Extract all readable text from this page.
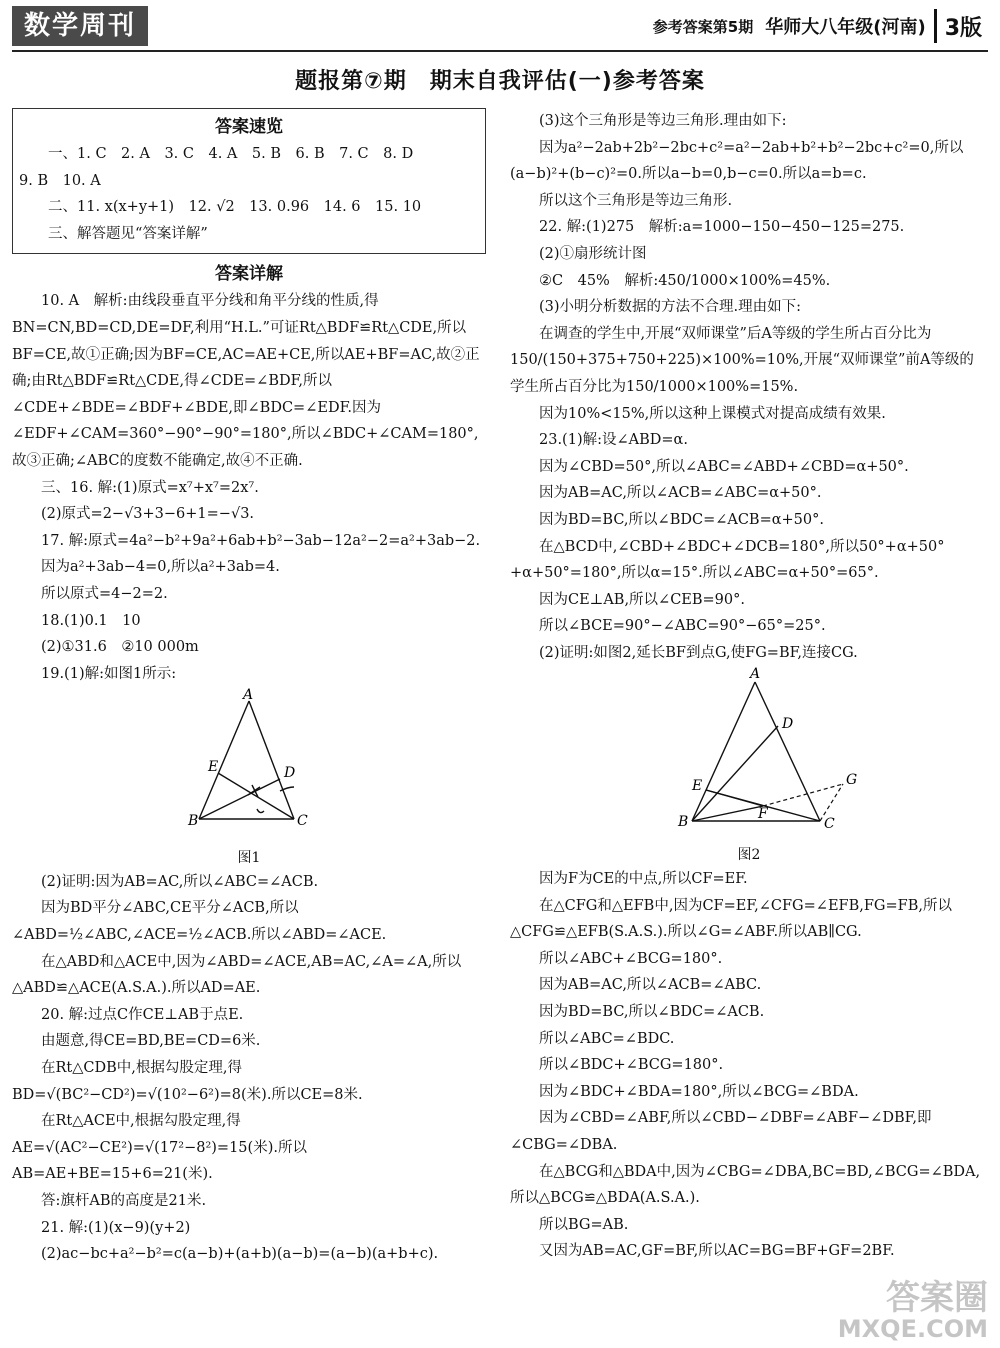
数学周刊	参考答案第5期 华师大八年级(河南) 3版
题报第⑦期　期末自我评估(一)参考答案
答案速览
一、1. C　2. A　3. C　4. A　5. B　6. B　7. C　8. D
9. B　10. A
二、11. x(x+y+1)　12. √2　13. 0.96　14. 6　15. 10
三、解答题见“答案详解”
答案详解
10. A　解析:由线段垂直平分线和角平分线的性质,得BN=CN,BD=CD,DE=DF,利用“H.L.”可证Rt△BDF≌Rt△CDE,所以BF=CE,故①正确;因为BF=CE,AC=AE+CE,所以AE+BF=AC,故②正确;由Rt△BDF≌Rt△CDE,得∠CDE=∠BDF,所以∠CDE+∠BDE=∠BDF+∠BDE,即∠BDC=∠EDF.因为∠EDF+∠CAM=360°−90°−90°=180°,所以∠BDC+∠CAM=180°,故③正确;∠ABC的度数不能确定,故④不正确.
三、16. 解:(1)原式=x⁷+x⁷=2x⁷.
(2)原式=2−√3+3−6+1=−√3.
17. 解:原式=4a²−b²+9a²+6ab+b²−3ab−12a²−2=a²+3ab−2.
因为a²+3ab−4=0,所以a²+3ab=4.
所以原式=4−2=2.
18.(1)0.1　10
(2)①31.6　②10 000m
19.(1)解:如图1所示:
A
B	C
D
E
图1
(2)证明:因为AB=AC,所以∠ABC=∠ACB.
因为BD平分∠ABC,CE平分∠ACB,所以∠ABD=½∠ABC,∠ACE=½∠ACB.所以∠ABD=∠ACE.
在△ABD和△ACE中,因为∠ABD=∠ACE,AB=AC,∠A=∠A,所以△ABD≌△ACE(A.S.A.).所以AD=AE.
20. 解:过点C作CE⊥AB于点E.
由题意,得CE=BD,BE=CD=6米.
在Rt△CDB中,根据勾股定理,得BD=√(BC²−CD²)=√(10²−6²)=8(米).所以CE=8米.
在Rt△ACE中,根据勾股定理,得AE=√(AC²−CE²)=√(17²−8²)=15(米).所以AB=AE+BE=15+6=21(米).
答:旗杆AB的高度是21米.
21. 解:(1)(x−9)(y+2)
(2)ac−bc+a²−b²=c(a−b)+(a+b)(a−b)=(a−b)(a+b+c).
(3)这个三角形是等边三角形.理由如下:
因为a²−2ab+2b²−2bc+c²=a²−2ab+b²+b²−2bc+c²=0,所以(a−b)²+(b−c)²=0.所以a−b=0,b−c=0.所以a=b=c.
所以这个三角形是等边三角形.
22. 解:(1)275　解析:a=1000−150−450−125=275.
(2)①扇形统计图
②C　45%　解析:450/1000×100%=45%.
(3)小明分析数据的方法不合理.理由如下:
在调查的学生中,开展“双师课堂”后A等级的学生所占百分比为150/(150+375+750+225)×100%=10%,开展“双师课堂”前A等级的学生所占百分比为150/1000×100%=15%.
因为10%<15%,所以这种上课模式对提高成绩有效果.
23.(1)解:设∠ABD=α.
因为∠CBD=50°,所以∠ABC=∠ABD+∠CBD=α+50°.
因为AB=AC,所以∠ACB=∠ABC=α+50°.
因为BD=BC,所以∠BDC=∠ACB=α+50°.
在△BCD中,∠CBD+∠BDC+∠DCB=180°,所以50°+α+50°+α+50°=180°,所以α=15°.所以∠ABC=α+50°=65°.
因为CE⊥AB,所以∠CEB=90°.
所以∠BCE=90°−∠ABC=90°−65°=25°.
(2)证明:如图2,延长BF到点G,使FG=BF,连接CG.
A
B	C
D
E
F
G
图2
因为F为CE的中点,所以CF=EF.
在△CFG和△EFB中,因为CF=EF,∠CFG=∠EFB,FG=FB,所以△CFG≌△EFB(S.A.S.).所以∠G=∠ABF.所以AB∥CG.
所以∠ABC+∠BCG=180°.
因为AB=AC,所以∠ACB=∠ABC.
因为BD=BC,所以∠BDC=∠ACB.
所以∠ABC=∠BDC.
所以∠BDC+∠BCG=180°.
因为∠BDC+∠BDA=180°,所以∠BCG=∠BDA.
因为∠CBD=∠ABF,所以∠CBD−∠DBF=∠ABF−∠DBF,即∠CBG=∠DBA.
在△BCG和△BDA中,因为∠CBG=∠DBA,BC=BD,∠BCG=∠BDA,所以△BCG≌△BDA(A.S.A.).
所以BG=AB.
又因为AB=AC,GF=BF,所以AC=BG=BF+GF=2BF.
答案圈
MXQE.COM
